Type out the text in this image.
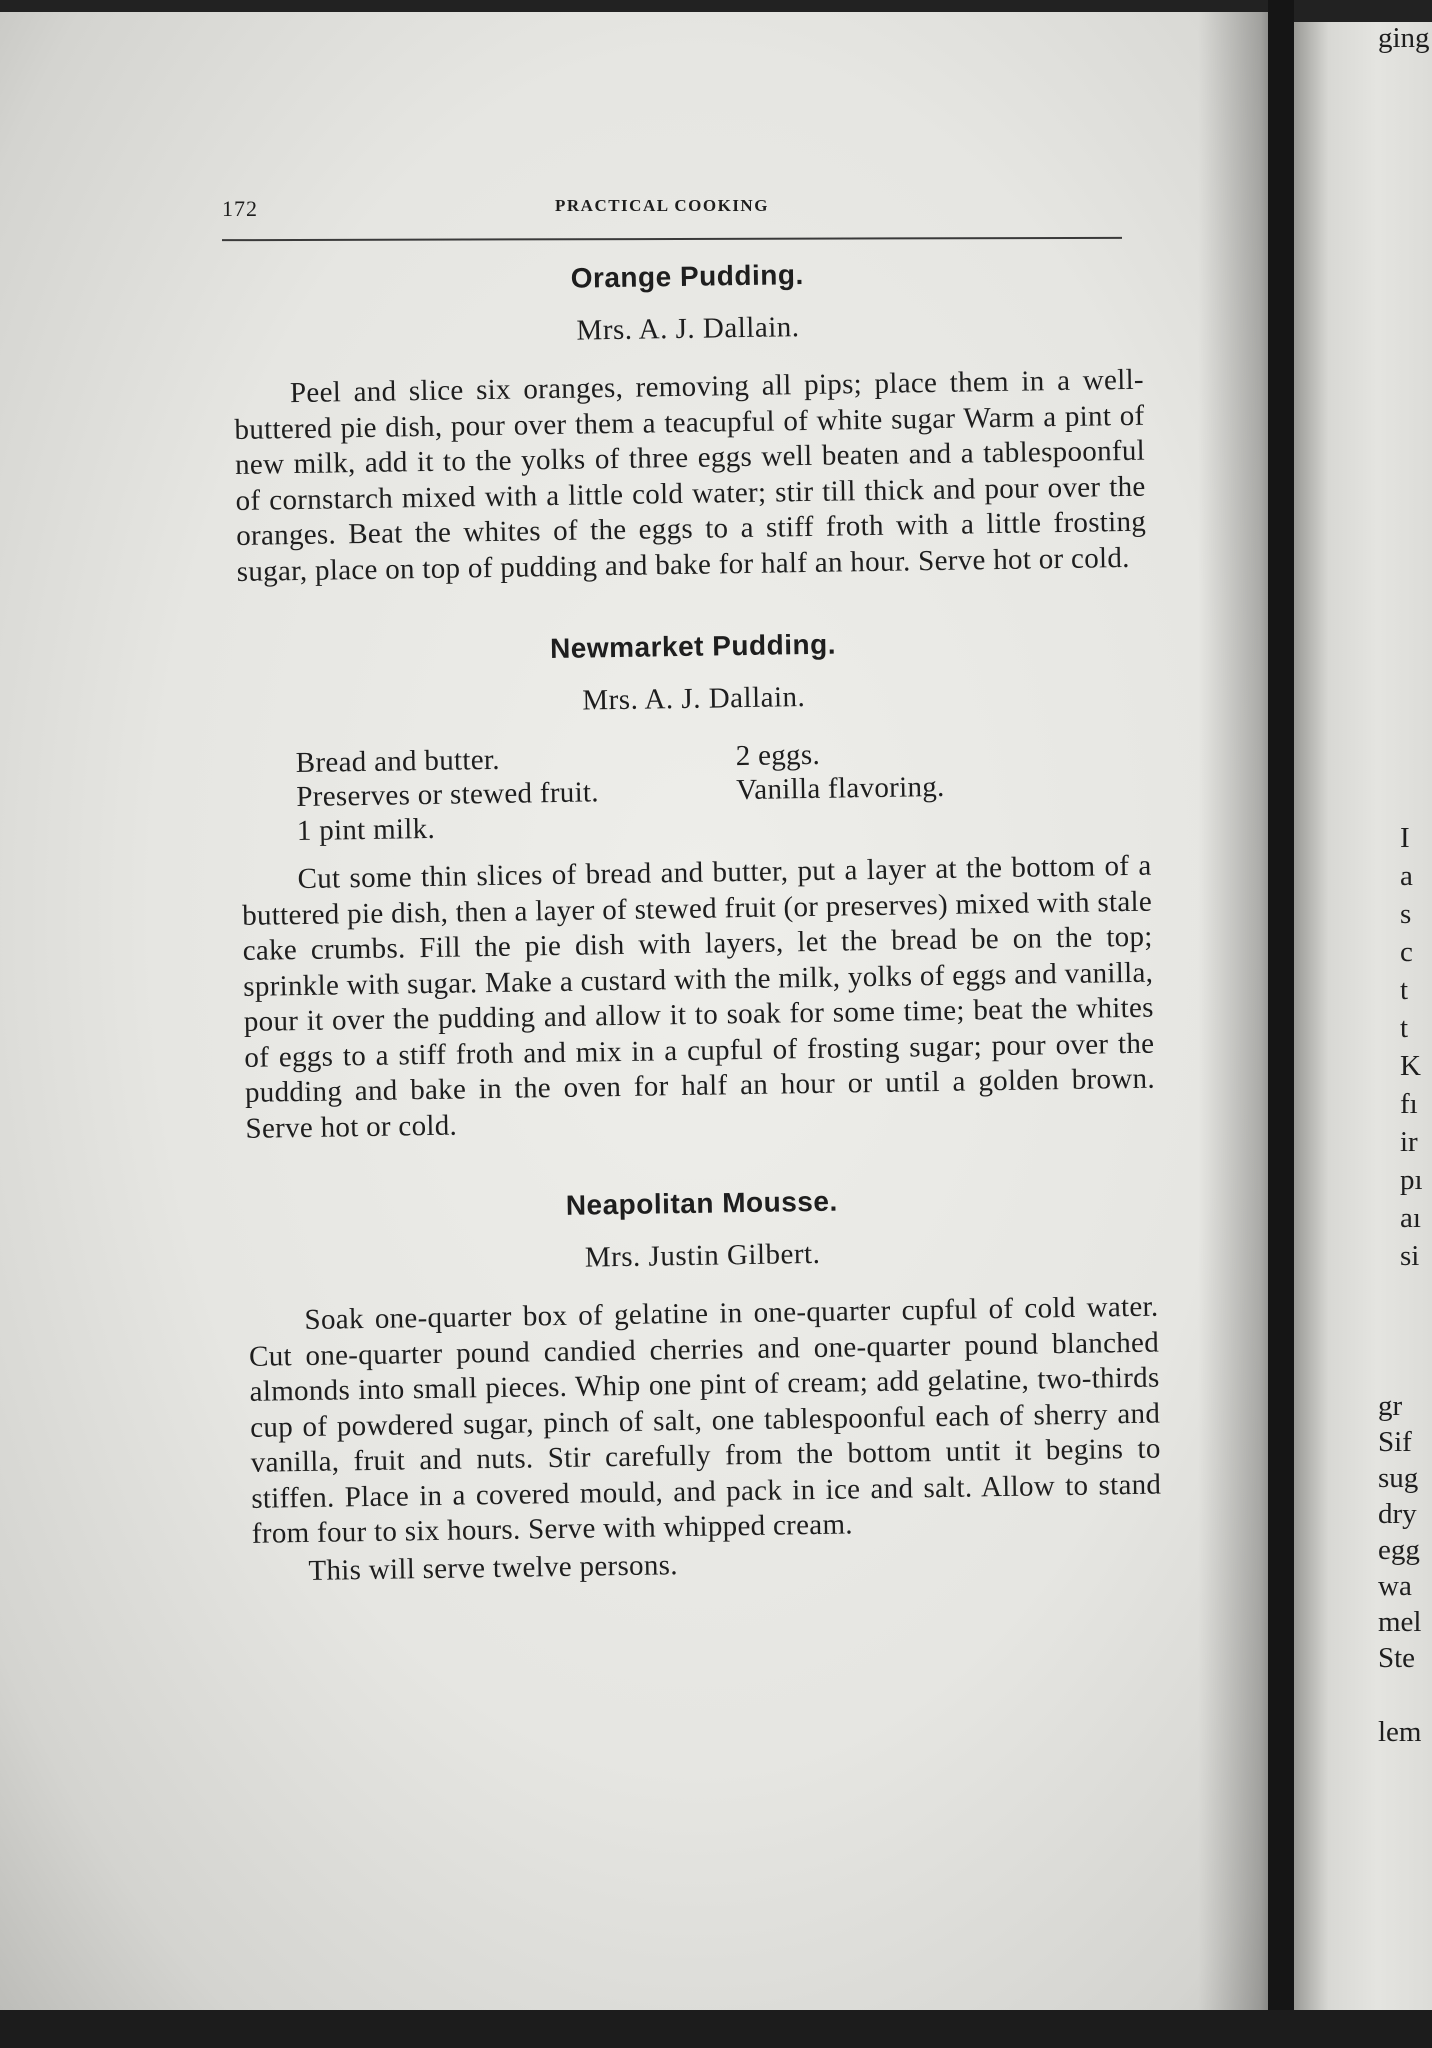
172	PRACTICAL COOKING
Orange Pudding.
Mrs. A. J. Dallain.

Peel and slice six oranges, removing all pips; place them in a well-buttered pie dish, pour over them a teacupful of white sugar Warm a pint of new milk, add it to the yolks of three eggs well beaten and a tablespoonful of cornstarch mixed with a little cold water; stir till thick and pour over the oranges. Beat the whites of the eggs to a stiff froth with a little frosting sugar, place on top of pudding and bake for half an hour. Serve hot or cold.

Newmarket Pudding.
Mrs. A. J. Dallain.
Bread and butter.	2 eggs.
Preserves or stewed fruit.	Vanilla flavoring.
1 pint milk.

Cut some thin slices of bread and butter, put a layer at the bottom of a buttered pie dish, then a layer of stewed fruit (or preserves) mixed with stale cake crumbs. Fill the pie dish with layers, let the bread be on the top; sprinkle with sugar. Make a custard with the milk, yolks of eggs and vanilla, pour it over the pudding and allow it to soak for some time; beat the whites of eggs to a stiff froth and mix in a cupful of frosting sugar; pour over the pudding and bake in the oven for half an hour or until a golden brown. Serve hot or cold.

Neapolitan Mousse.
Mrs. Justin Gilbert.

Soak one-quarter box of gelatine in one-quarter cupful of cold water. Cut one-quarter pound candied cherries and one-quarter pound blanched almonds into small pieces. Whip one pint of cream; add gelatine, two-thirds cup of powdered sugar, pinch of salt, one tablespoonful each of sherry and vanilla, fruit and nuts. Stir carefully from the bottom untit it begins to stiffen. Place in a covered mould, and pack in ice and salt. Allow to stand from four to six hours. Serve with whipped cream.

This will serve twelve persons.

I
a
s
c
t
t
K
fı
ir
pı
aı
si
gr
Sif
sug
dry
egg
wa
mel
Ste
lem
ging
